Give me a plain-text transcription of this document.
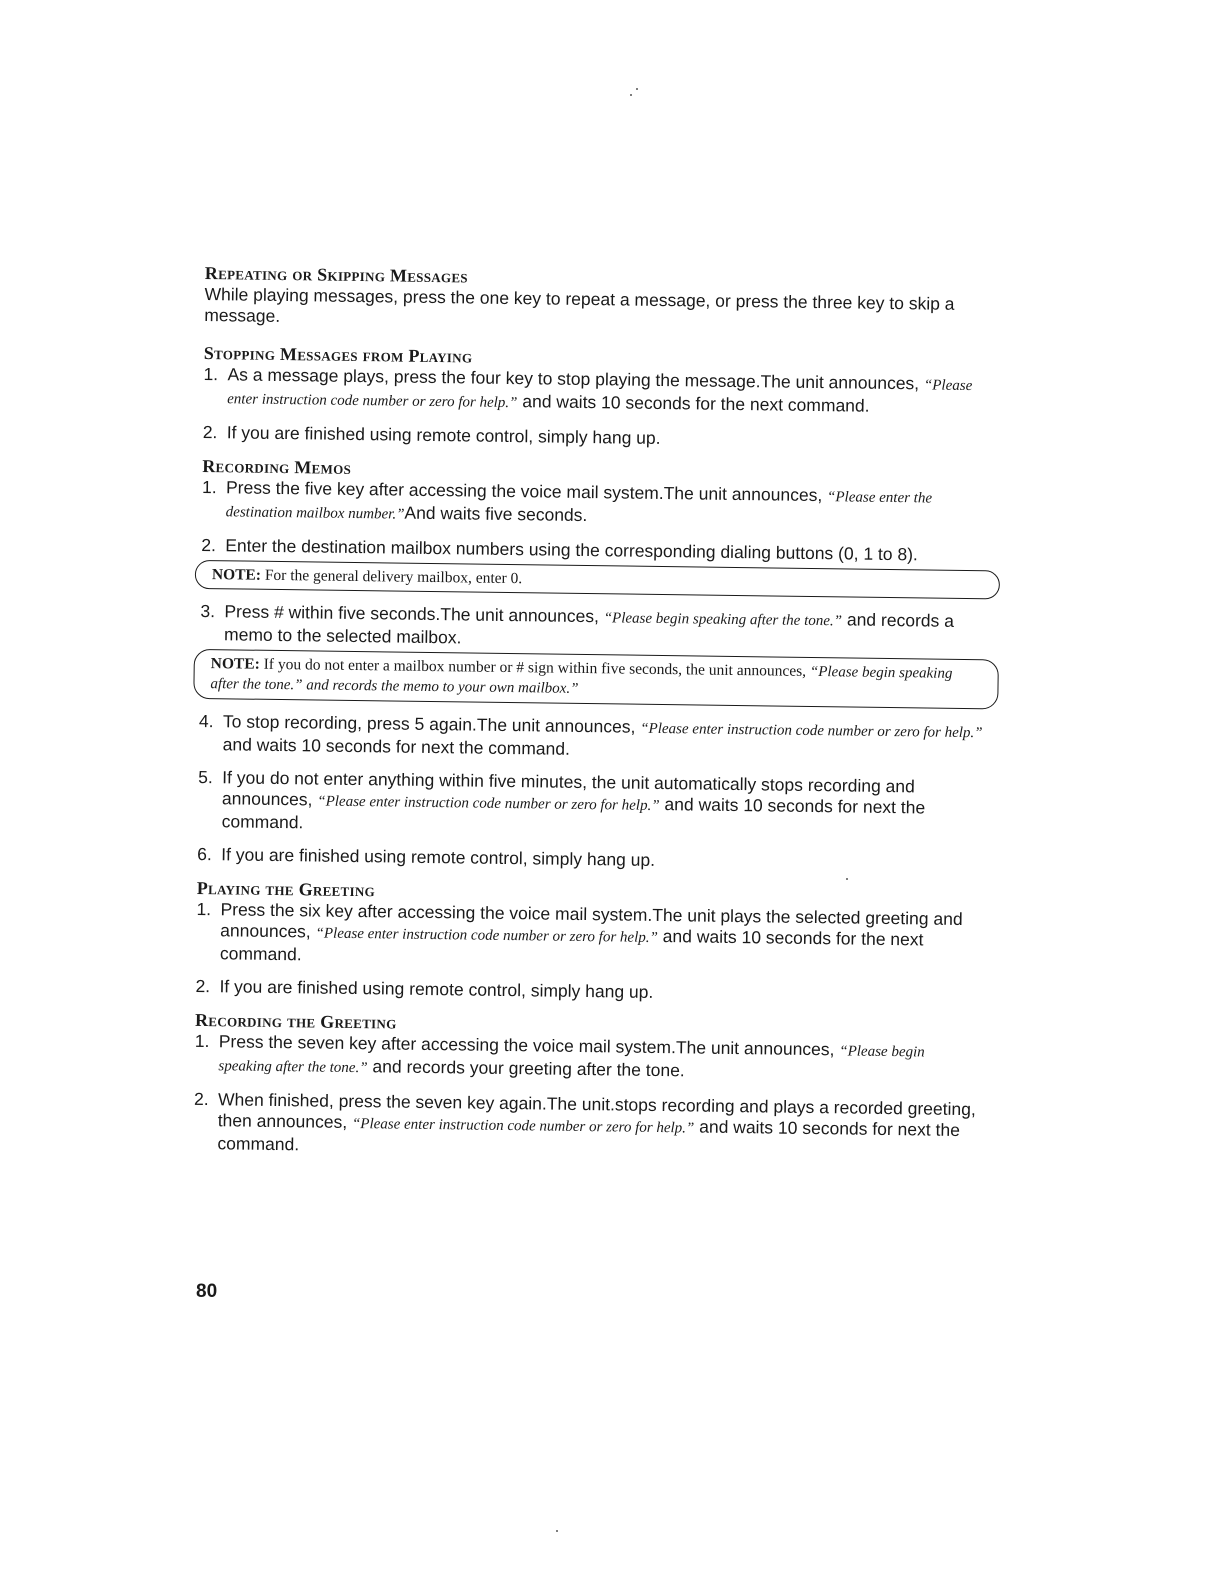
Repeating or Skipping Messages

While playing messages, press the one key to repeat a message, or press the three key to skip a message.

Stopping Messages from Playing
1. As a message plays, press the four key to stop playing the message.The unit announces, “Please enter instruction code number or zero for help.” and waits 10 seconds for the next command.
2. If you are finished using remote control, simply hang up.
Recording Memos
1. Press the five key after accessing the voice mail system.The unit announces, “Please enter the destination mailbox number.”And waits five seconds.
2. Enter the destination mailbox numbers using the corresponding dialing buttons (0, 1 to 8).
NOTE: For the general delivery mailbox, enter 0.
3. Press # within five seconds.The unit announces, “Please begin speaking after the tone.” and records a memo to the selected mailbox.
NOTE: If you do not enter a mailbox number or # sign within five seconds, the unit announces, “Please begin speaking after the tone.” and records the memo to your own mailbox.”
4. To stop recording, press 5 again.The unit announces, “Please enter instruction code number or zero for help.” and waits 10 seconds for next the command.
5. If you do not enter anything within five minutes, the unit automatically stops recording and announces, “Please enter instruction code number or zero for help.” and waits 10 seconds for next the command.
6. If you are finished using remote control, simply hang up.
Playing the Greeting
1. Press the six key after accessing the voice mail system.The unit plays the selected greeting and announces, “Please enter instruction code number or zero for help.” and waits 10 seconds for the next command.
2. If you are finished using remote control, simply hang up.
Recording the Greeting
1. Press the seven key after accessing the voice mail system.The unit announces, “Please begin speaking after the tone.” and records your greeting after the tone.
2. When finished, press the seven key again.The unit.stops recording and plays a recorded greeting, then announces, “Please enter instruction code number or zero for help.” and waits 10 seconds for next the command.

80
